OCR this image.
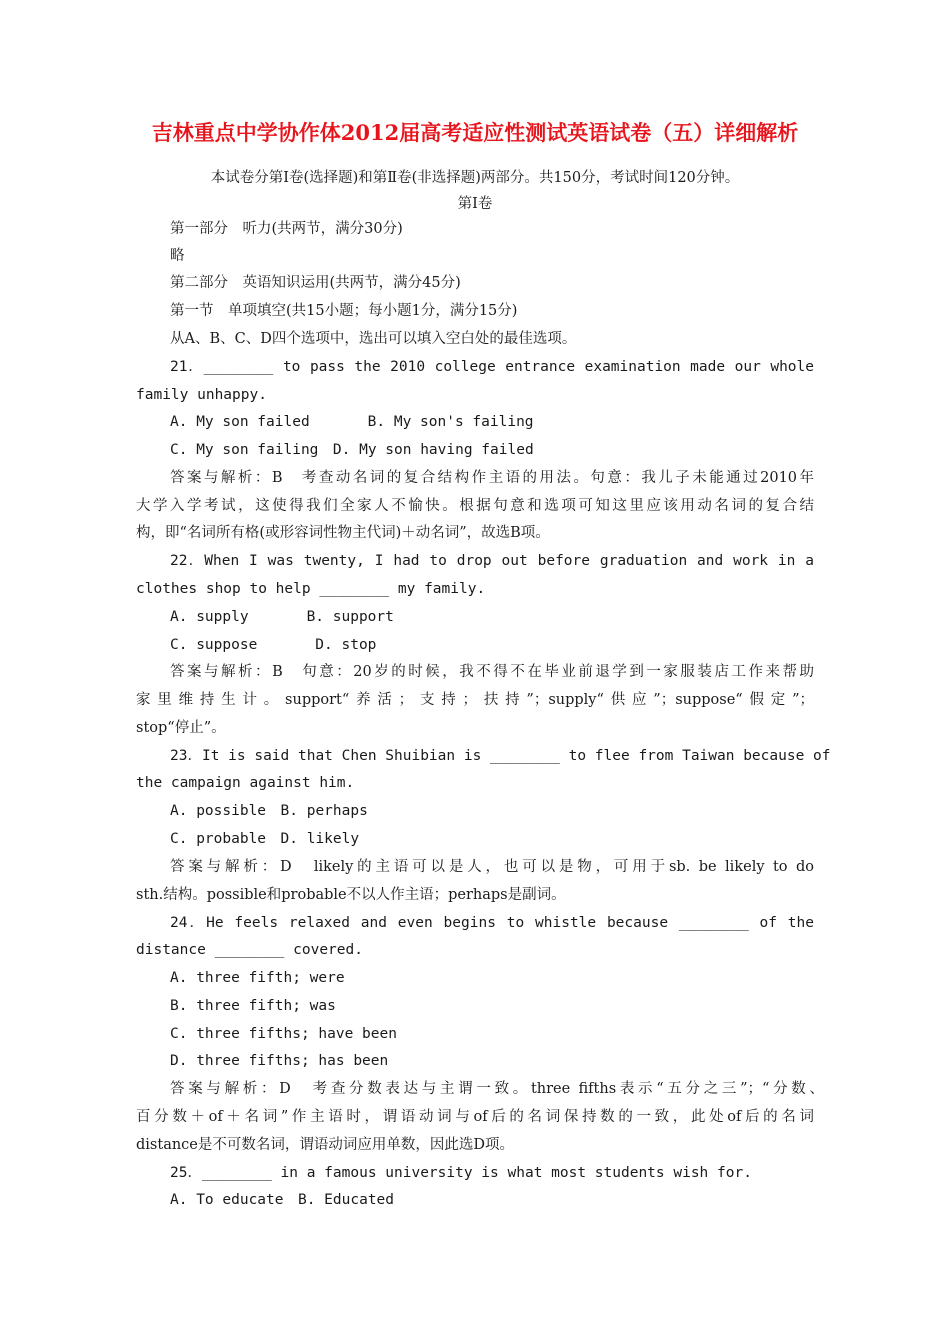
吉林重点中学协作体2012届高考适应性测试英语试卷（五）详细解析
本试卷分第Ⅰ卷(选择题)和第Ⅱ卷(非选择题)两部分。共150分，考试时间120分钟。
第Ⅰ卷
第一部分　听力(共两节，满分30分)
略
第二部分　英语知识运用(共两节，满分45分)
第一节　单项填空(共15小题；每小题1分，满分15分)
从A、B、C、D四个选项中，选出可以填入空白处的最佳选项。
21．________ to pass the 2010 college entrance examination made our whole
family unhappy.
A. My son failed　　　　B. My son's failing
C. My son failing　D. My son having failed
答案与解析：B　考查动名词的复合结构作主语的用法。句意：我儿子未能通过2010年
大学入学考试，这使得我们全家人不愉快。根据句意和选项可知这里应该用动名词的复合结
构，即“名词所有格(或形容词性物主代词)＋动名词”，故选B项。
22．When I was twenty, I had to drop out before graduation and work in a
clothes shop to help ________ my family.
A. supply　　　　B. support
C. suppose　　　　D. stop
答案与解析：B　句意：20岁的时候，我不得不在毕业前退学到一家服装店工作来帮助
家里维持生计。support“养活；支持；扶持”；supply“供应”；suppose“假定”；
stop“停止”。
23．It is said that Chen Shuibian is ________ to flee from Taiwan because of
the campaign against him.
A. possible　B. perhaps
C. probable　D. likely
答案与解析：D　likely的主语可以是人，也可以是物，可用于sb. be likely to do
sth.结构。possible和probable不以人作主语；perhaps是副词。
24．He feels relaxed and even begins to whistle because ________ of the
distance ________ covered.
A. three fifth; were
B. three fifth; was
C. three fifths; have been
D. three fifths; has been
答案与解析：D　考查分数表达与主谓一致。three fifths表示“五分之三”；“分数、
百分数＋of＋名词”作主语时，谓语动词与of后的名词保持数的一致，此处of后的名词
distance是不可数名词，谓语动词应用单数，因此选D项。
25．________ in a famous university is what most students wish for.
A. To educate　B. Educated
